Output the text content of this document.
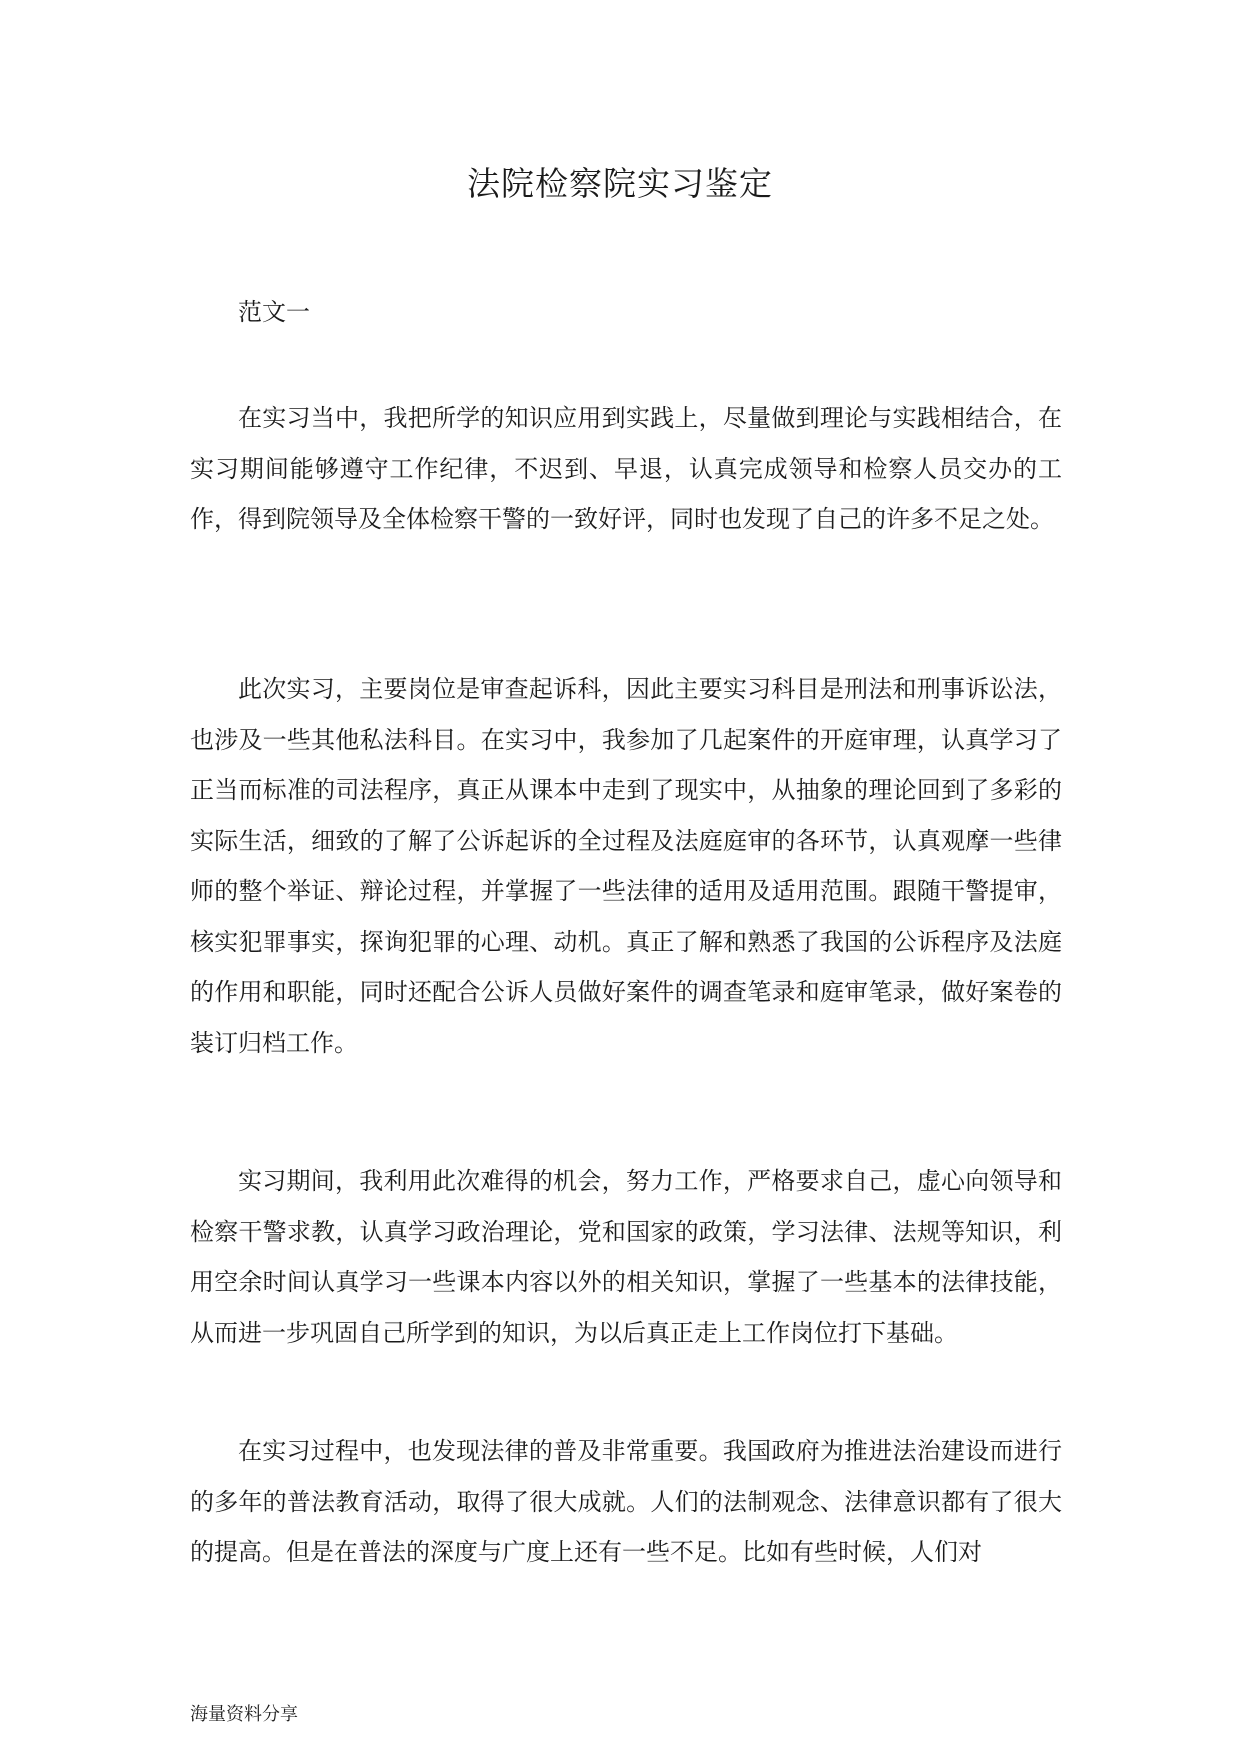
法院检察院实习鉴定

范文一

在实习当中，我把所学的知识应用到实践上，尽量做到理论与实践相结合，在实习期间能够遵守工作纪律，不迟到、早退，认真完成领导和检察人员交办的工作，得到院领导及全体检察干警的一致好评，同时也发现了自己的许多不足之处。

此次实习，主要岗位是审查起诉科，因此主要实习科目是刑法和刑事诉讼法，也涉及一些其他私法科目。在实习中，我参加了几起案件的开庭审理，认真学习了正当而标准的司法程序，真正从课本中走到了现实中，从抽象的理论回到了多彩的实际生活，细致的了解了公诉起诉的全过程及法庭庭审的各环节，认真观摩一些律师的整个举证、辩论过程，并掌握了一些法律的适用及适用范围。跟随干警提审，核实犯罪事实，探询犯罪的心理、动机。真正了解和熟悉了我国的公诉程序及法庭的作用和职能，同时还配合公诉人员做好案件的调查笔录和庭审笔录，做好案卷的装订归档工作。

实习期间，我利用此次难得的机会，努力工作，严格要求自己，虚心向领导和检察干警求教，认真学习政治理论，党和国家的政策，学习法律、法规等知识，利用空余时间认真学习一些课本内容以外的相关知识，掌握了一些基本的法律技能，从而进一步巩固自己所学到的知识，为以后真正走上工作岗位打下基础。

在实习过程中，也发现法律的普及非常重要。我国政府为推进法治建设而进行的多年的普法教育活动，取得了很大成就。人们的法制观念、法律意识都有了很大的提高。但是在普法的深度与广度上还有一些不足。比如有些时候，人们对

海量资料分享
